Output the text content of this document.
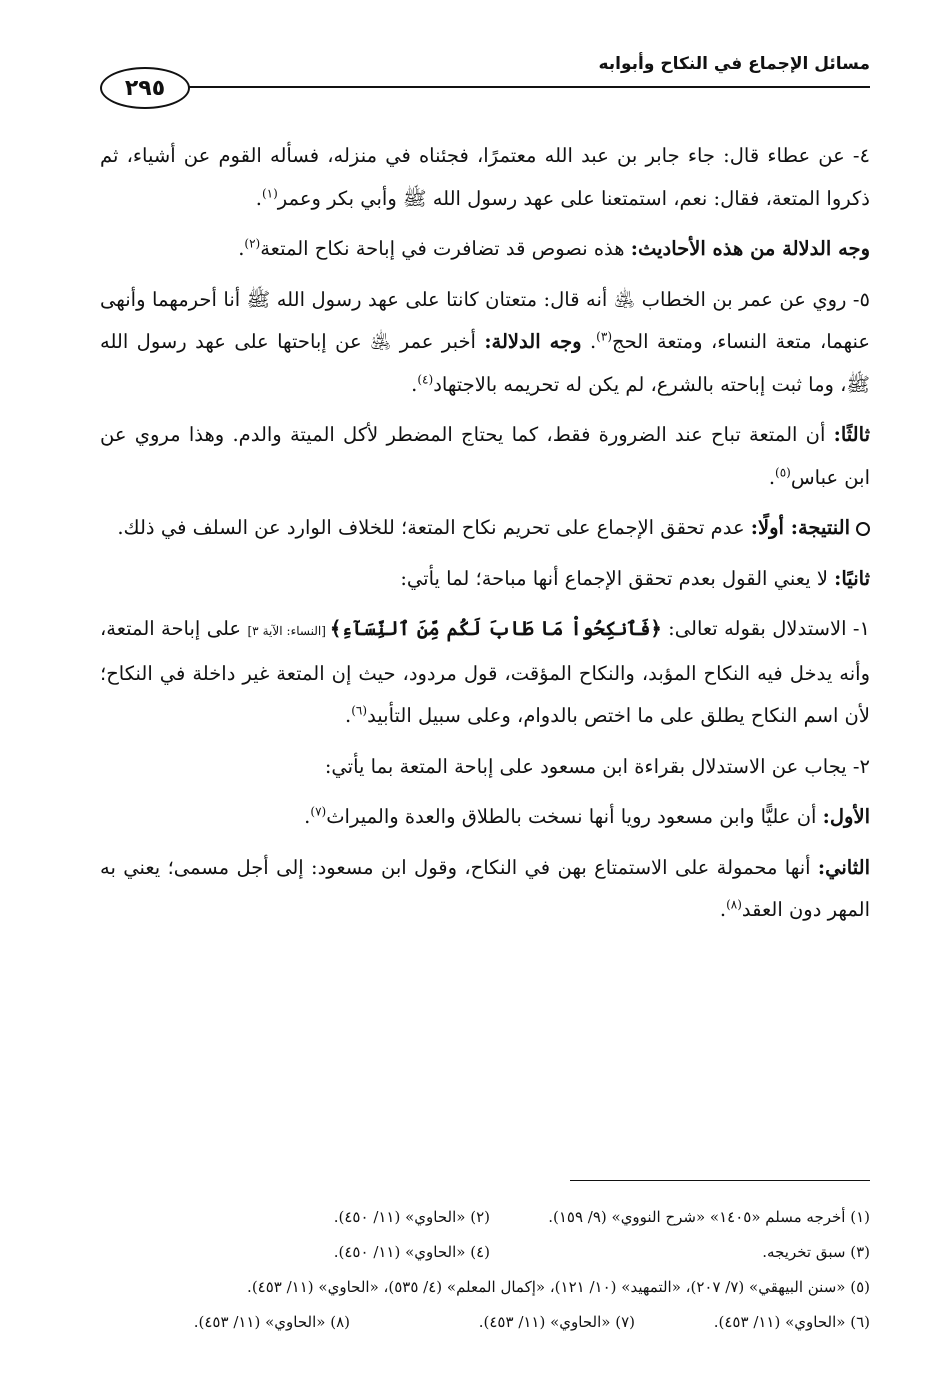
مسائل الإجماع في النكاح وأبوابه
٢٩٥

٤- عن عطاء قال: جاء جابر بن عبد الله معتمرًا، فجئناه في منزله، فسأله القوم عن أشياء، ثم ذكروا المتعة، فقال: نعم، استمتعنا على عهد رسول الله ﷺ وأبي بكر وعمر$^{(١)}$.

وجه الدلالة من هذه الأحاديث: هذه نصوص قد تضافرت في إباحة نكاح المتعة$^{(٢)}$.

٥- روي عن عمر بن الخطاب ﵁ أنه قال: متعتان كانتا على عهد رسول الله ﷺ أنا أحرمهما وأنهى عنهما، متعة النساء، ومتعة الحج$^{(٣)}$. وجه الدلالة: أخبر عمر ﵁ عن إباحتها على عهد رسول الله ﷺ، وما ثبت إباحته بالشرع، لم يكن له تحريمه بالاجتهاد$^{(٤)}$.

ثالثًا: أن المتعة تباح عند الضرورة فقط، كما يحتاج المضطر لأكل الميتة والدم. وهذا مروي عن ابن عباس$^{(٥)}$.

النتيجة: أولًا: عدم تحقق الإجماع على تحريم نكاح المتعة؛ للخلاف الوارد عن السلف في ذلك.

ثانيًا: لا يعني القول بعدم تحقق الإجماع أنها مباحة؛ لما يأتي:

١- الاستدلال بقوله تعالى: ﴿فَٱنكِحُواْ مَا طَابَ لَكُم مِّنَ ٱلنِّسَآءِ﴾ [النساء: الآية ٣] على إباحة المتعة، وأنه يدخل فيه النكاح المؤبد، والنكاح المؤقت، قول مردود، حيث إن المتعة غير داخلة في النكاح؛ لأن اسم النكاح يطلق على ما اختص بالدوام، وعلى سبيل التأبيد$^{(٦)}$.

٢- يجاب عن الاستدلال بقراءة ابن مسعود على إباحة المتعة بما يأتي:

الأول: أن عليًّا وابن مسعود رويا أنها نسخت بالطلاق والعدة والميراث$^{(٧)}$.

الثاني: أنها محمولة على الاستمتاع بهن في النكاح، وقول ابن مسعود: إلى أجل مسمى؛ يعني به المهر دون العقد$^{(٨)}$.

(١) أخرجه مسلم «١٤٠٥» «شرح النووي» (٩/ ١٥٩).
(٢) «الحاوي» (١١/ ٤٥٠).
(٣) سبق تخريجه.
(٤) «الحاوي» (١١/ ٤٥٠).
(٥) «سنن البيهقي» (٧/ ٢٠٧)، «التمهيد» (١٠/ ١٢١)، «إكمال المعلم» (٤/ ٥٣٥)، «الحاوي» (١١/ ٤٥٣).
(٦) «الحاوي» (١١/ ٤٥٣).
(٧) «الحاوي» (١١/ ٤٥٣).
(٨) «الحاوي» (١١/ ٤٥٣).
